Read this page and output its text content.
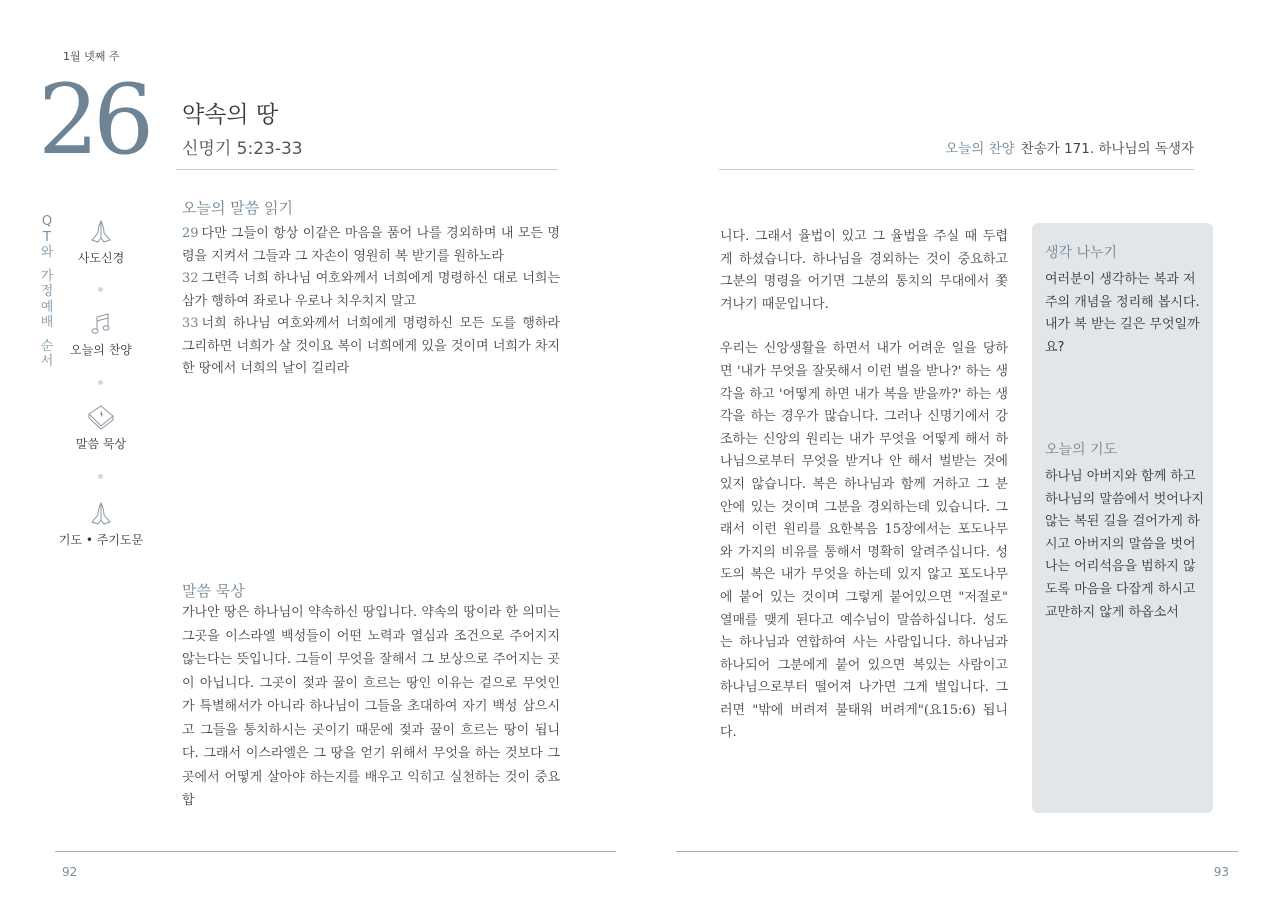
1월 넷째 주
26 약속의 땅
신명기 5:23-33	오늘의 찬양 찬송가 171. 하나님의 독생자
Q
T
와
가
정
예
배
순
서
사도신경
오늘의 찬양
말씀 묵상
기도 • 주기도문
오늘의 말씀 읽기

29 다만 그들이 항상 이같은 마음을 품어 나를 경외하며 내 모든 명령을 지켜서 그들과 그 자손이 영원히 복 받기를 원하노라

32 그런즉 너희 하나님 여호와께서 너희에게 명령하신 대로 너희는 삼가 행하여 좌로나 우로나 치우치지 말고

33 너희 하나님 여호와께서 너희에게 명령하신 모든 도를 행하라 그리하면 너희가 살 것이요 복이 너희에게 있을 것이며 너희가 차지한 땅에서 너희의 날이 길리라

말씀 묵상
가나안 땅은 하나님이 약속하신 땅입니다. 약속의 땅이라 한 의미는 그곳을 이스라엘 백성들이 어떤 노력과 열심과 조건으로 주어지지 않는다는 뜻입니다. 그들이 무엇을 잘해서 그 보상으로 주어지는 곳이 아닙니다. 그곳이 젖과 꿀이 흐르는 땅인 이유는 겉으로 무엇인가 특별해서가 아니라 하나님이 그들을 초대하여 자기 백성 삼으시고 그들을 통치하시는 곳이기 때문에 젖과 꿀이 흐르는 땅이 됩니다. 그래서 이스라엘은 그 땅을 얻기 위해서 무엇을 하는 것보다 그곳에서 어떻게 살아야 하는지를 배우고 익히고 실천하는 것이 중요합

니다. 그래서 율법이 있고 그 율법을 주실 때 두렵게 하셨습니다. 하나님을 경외하는 것이 중요하고 그분의 명령을 어기면 그분의 통치의 무대에서 쫓겨나기 때문입니다.

우리는 신앙생활을 하면서 내가 어려운 일을 당하면 '내가 무엇을 잘못해서 이런 벌을 받나?' 하는 생각을 하고 '어떻게 하면 내가 복을 받을까?' 하는 생각을 하는 경우가 많습니다. 그러나 신명기에서 강조하는 신앙의 원리는 내가 무엇을 어떻게 해서 하나님으로부터 무엇을 받거나 안 해서 벌받는 것에 있지 않습니다. 복은 하나님과 함께 거하고 그 분 안에 있는 것이며 그분을 경외하는데 있습니다. 그래서 이런 원리를 요한복음 15장에서는 포도나무와 가지의 비유를 통해서 명확히 알려주십니다. 성도의 복은 내가 무엇을 하는데 있지 않고 포도나무에 붙어 있는 것이며 그렇게 붙어있으면 "저절로" 열매를 맺게 된다고 예수님이 말씀하십니다. 성도는 하나님과 연합하여 사는 사람입니다. 하나님과 하나되어 그분에게 붙어 있으면 복있는 사람이고 하나님으로부터 떨어져 나가면 그게 벌입니다. 그러면 "밖에 버려져 불태워 버려게"(요15:6) 됩니다.

생각 나누기
여러분이 생각하는 복과 저주의 개념을 정리해 봅시다. 내가 복 받는 길은 무엇일까요?
오늘의 기도
하나님 아버지와 함께 하고 하나님의 말씀에서 벗어나지 않는 복된 길을 걸어가게 하시고 아버지의 말씀을 벗어나는 어리석음을 범하지 않도록 마음을 다잡게 하시고 교만하지 않게 하옵소서
92	93
